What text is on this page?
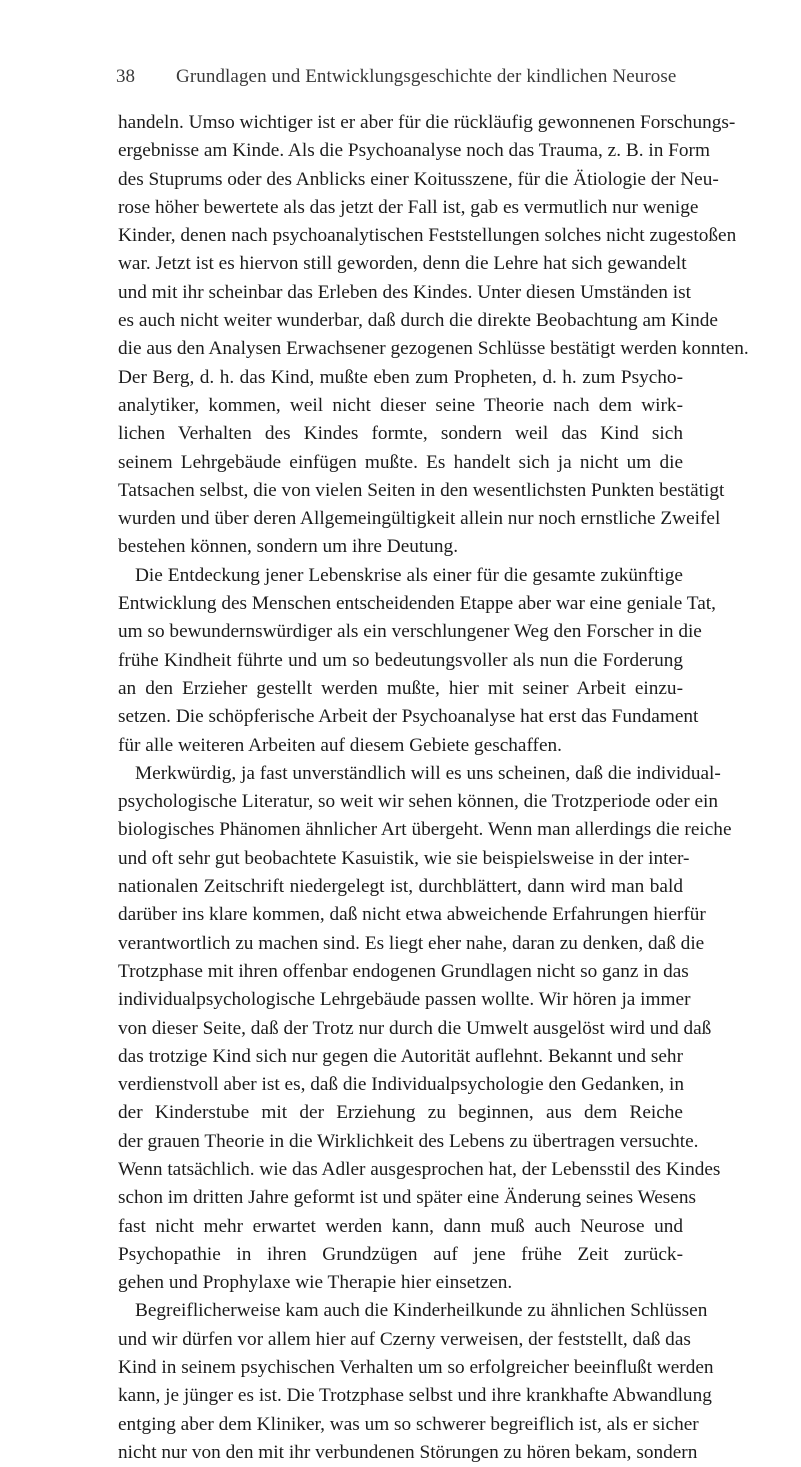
38 Grundlagen und Entwicklungsgeschichte der kindlichen Neurose
handeln. Umso wichtiger ist er aber für die rückläufig gewonnenen Forschungs-
ergebnisse am Kinde. Als die Psychoanalyse noch das Trauma, z. B. in Form
des Stuprums oder des Anblicks einer Koitusszene, für die Ätiologie der Neu-
rose höher bewertete als das jetzt der Fall ist, gab es vermutlich nur wenige
Kinder, denen nach psychoanalytischen Feststellungen solches nicht zugestoßen
war. Jetzt ist es hiervon still geworden, denn die Lehre hat sich gewandelt
und mit ihr scheinbar das Erleben des Kindes. Unter diesen Umständen ist
es auch nicht weiter wunderbar, daß durch die direkte Beobachtung am Kinde
die aus den Analysen Erwachsener gezogenen Schlüsse bestätigt werden konnten.
Der Berg, d. h. das Kind, mußte eben zum Propheten, d. h. zum Psycho-
analytiker, kommen, weil nicht dieser seine Theorie nach dem wirk-
lichen Verhalten des Kindes formte, sondern weil das Kind sich
seinem Lehrgebäude einfügen mußte. Es handelt sich ja nicht um die
Tatsachen selbst, die von vielen Seiten in den wesentlichsten Punkten bestätigt
wurden und über deren Allgemeingültigkeit allein nur noch ernstliche Zweifel
bestehen können, sondern um ihre Deutung.
Die Entdeckung jener Lebenskrise als einer für die gesamte zukünftige
Entwicklung des Menschen entscheidenden Etappe aber war eine geniale Tat,
um so bewundernswürdiger als ein verschlungener Weg den Forscher in die
frühe Kindheit führte und um so bedeutungsvoller als nun die Forderung
an den Erzieher gestellt werden mußte, hier mit seiner Arbeit einzu-
setzen. Die schöpferische Arbeit der Psychoanalyse hat erst das Fundament
für alle weiteren Arbeiten auf diesem Gebiete geschaffen.
Merkwürdig, ja fast unverständlich will es uns scheinen, daß die individual-
psychologische Literatur, so weit wir sehen können, die Trotzperiode oder ein
biologisches Phänomen ähnlicher Art übergeht. Wenn man allerdings die reiche
und oft sehr gut beobachtete Kasuistik, wie sie beispielsweise in der inter-
nationalen Zeitschrift niedergelegt ist, durchblättert, dann wird man bald
darüber ins klare kommen, daß nicht etwa abweichende Erfahrungen hierfür
verantwortlich zu machen sind. Es liegt eher nahe, daran zu denken, daß die
Trotzphase mit ihren offenbar endogenen Grundlagen nicht so ganz in das
individualpsychologische Lehrgebäude passen wollte. Wir hören ja immer
von dieser Seite, daß der Trotz nur durch die Umwelt ausgelöst wird und daß
das trotzige Kind sich nur gegen die Autorität auflehnt. Bekannt und sehr
verdienstvoll aber ist es, daß die Individualpsychologie den Gedanken, in
der Kinderstube mit der Erziehung zu beginnen, aus dem Reiche
der grauen Theorie in die Wirklichkeit des Lebens zu übertragen versuchte.
Wenn tatsächlich. wie das Adler ausgesprochen hat, der Lebensstil des Kindes
schon im dritten Jahre geformt ist und später eine Änderung seines Wesens
fast nicht mehr erwartet werden kann, dann muß auch Neurose und
Psychopathie in ihren Grundzügen auf jene frühe Zeit zurück-
gehen und Prophylaxe wie Therapie hier einsetzen.
Begreiflicherweise kam auch die Kinderheilkunde zu ähnlichen Schlüssen
und wir dürfen vor allem hier auf Czerny verweisen, der feststellt, daß das
Kind in seinem psychischen Verhalten um so erfolgreicher beeinflußt werden
kann, je jünger es ist. Die Trotzphase selbst und ihre krankhafte Abwandlung
entging aber dem Kliniker, was um so schwerer begreiflich ist, als er sicher
nicht nur von den mit ihr verbundenen Störungen zu hören bekam, sondern
